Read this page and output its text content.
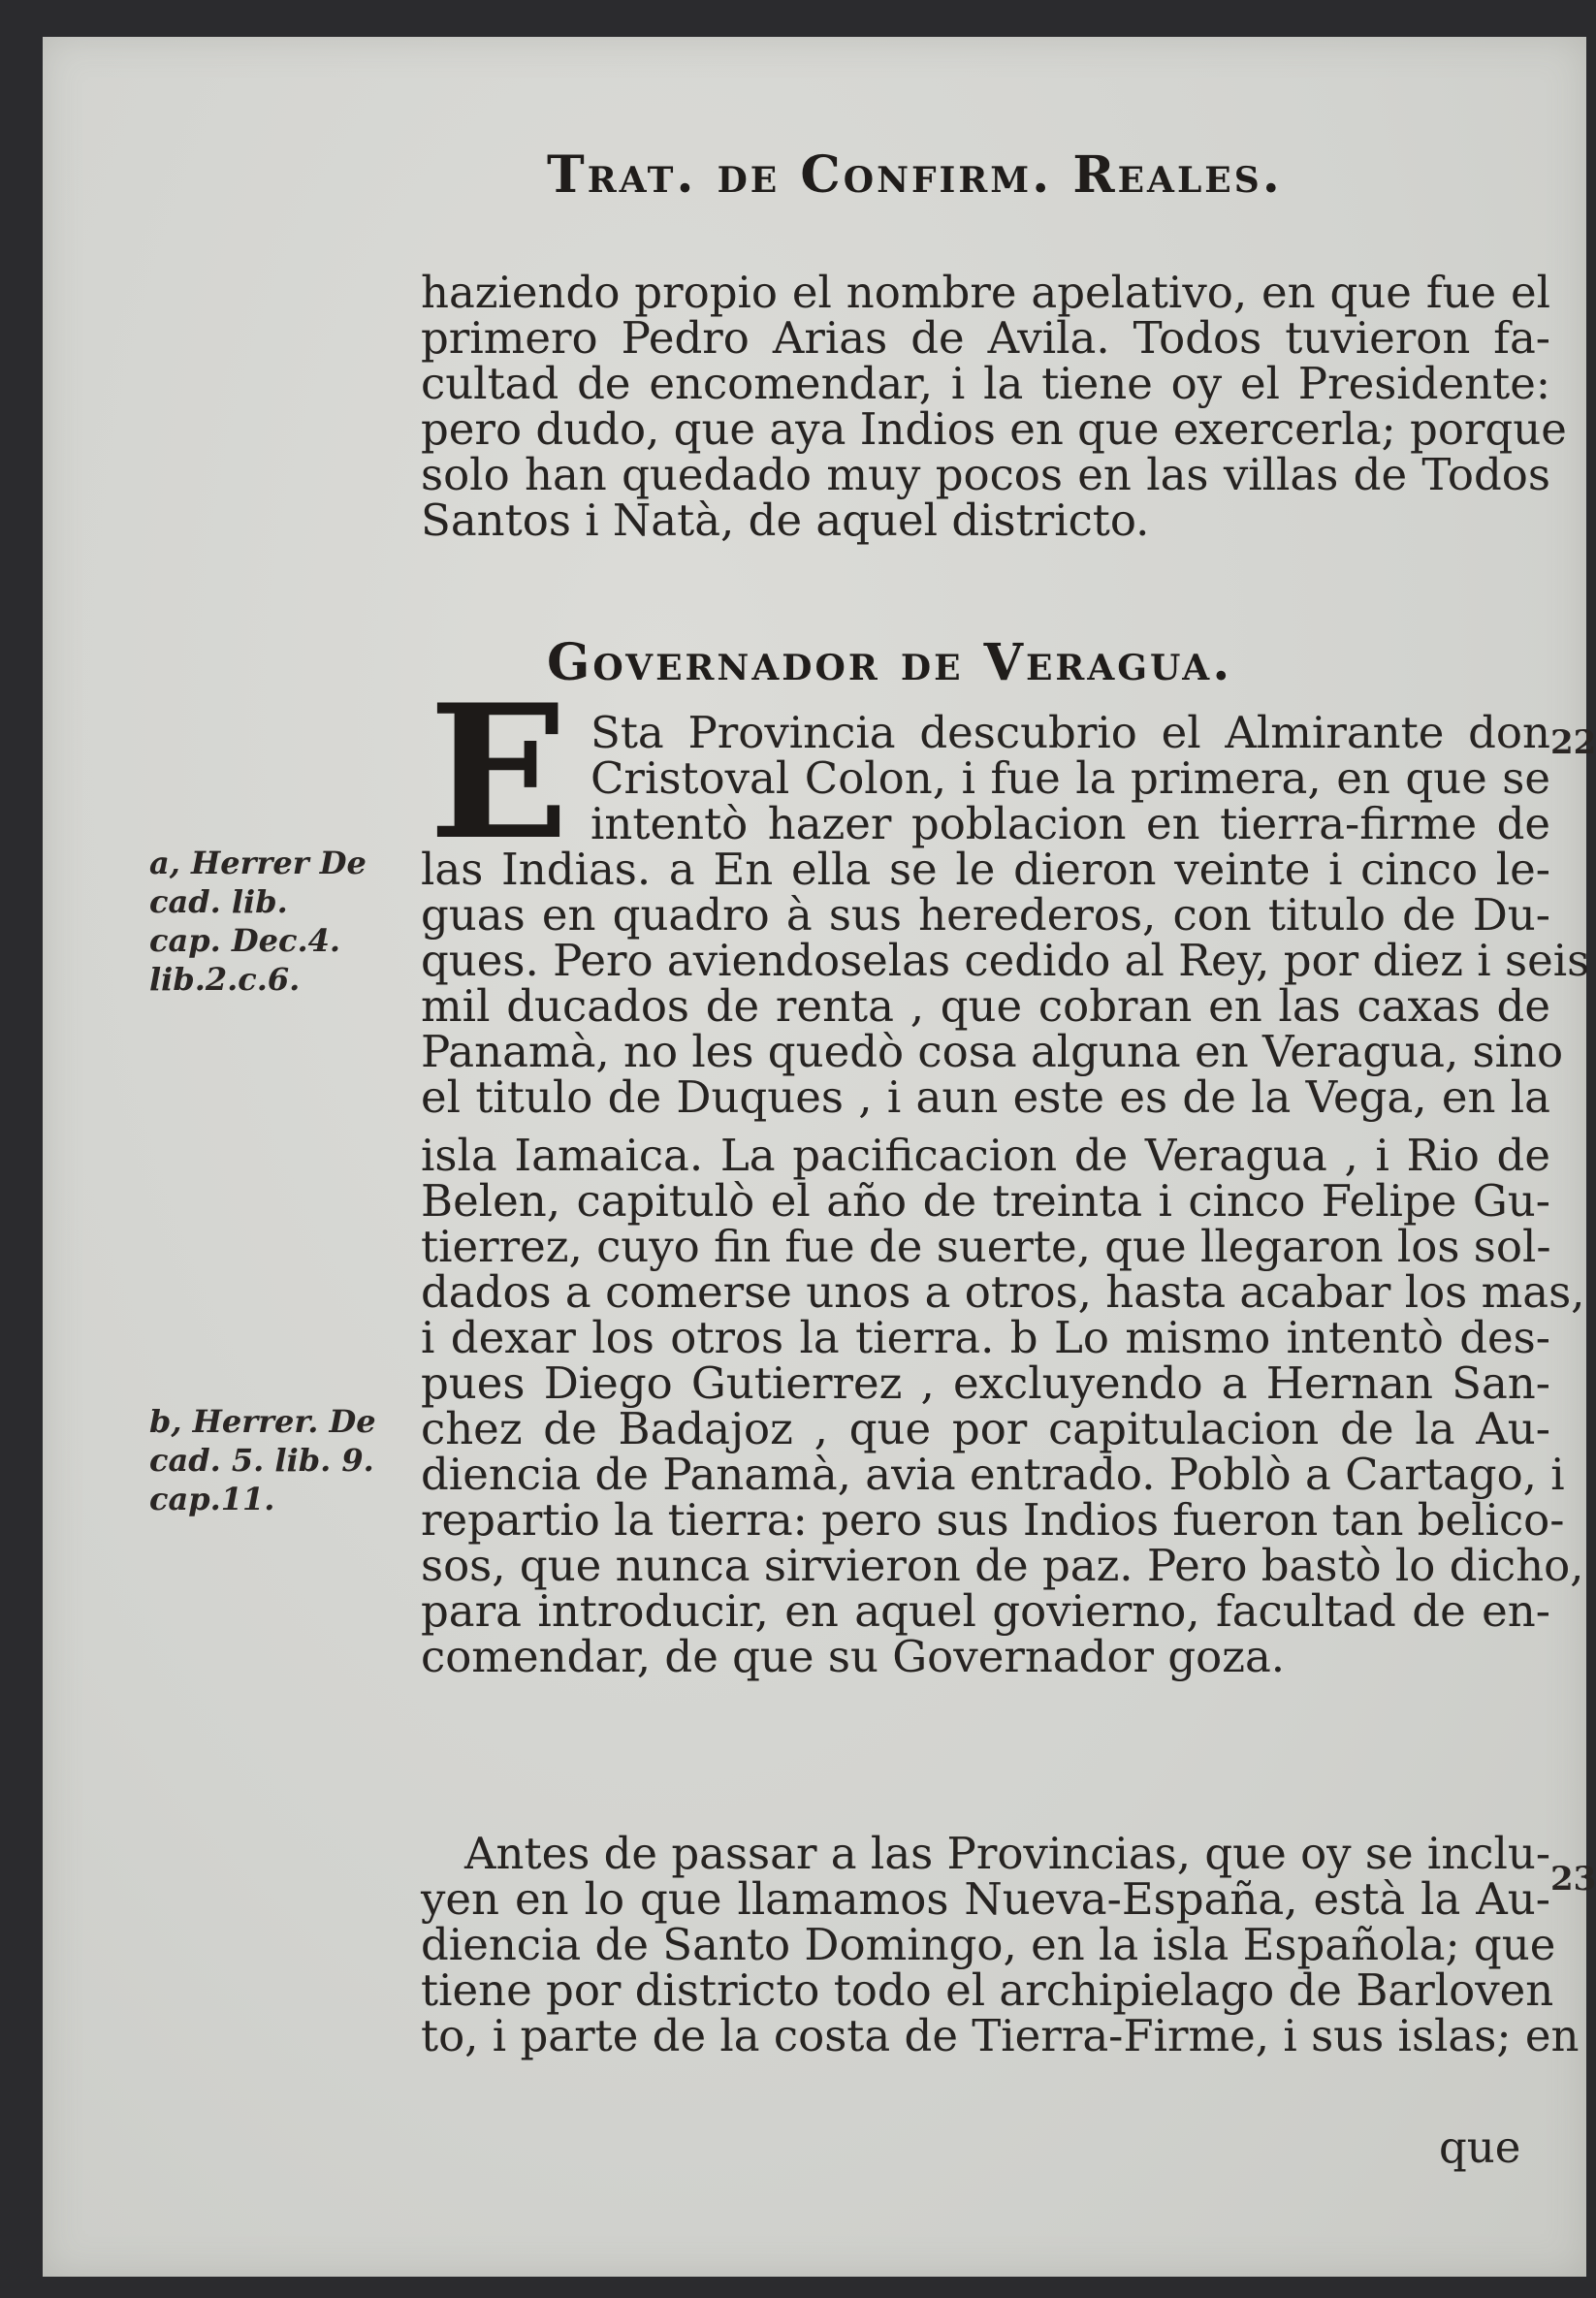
Trat. de Confirm. Reales.
haziendo propio el nombre apelativo, en que fue el
primero Pedro Arias de Avila. Todos tuvieron fa-
cultad de encomendar, i la tiene oy el Presidente:
pero dudo, que aya Indios en que exercerla; porque
solo han quedado muy pocos en las villas de Todos
Santos i Natà, de aquel districto.
Governador de Veragua.
E Sta Provincia descubrio el Almirante don
Cristoval Colon, i fue la primera, en que se
intentò hazer poblacion en tierra-firme de
las Indias. a En ella se le dieron veinte i cinco le-
guas en quadro à sus herederos, con titulo de Du-
ques. Pero aviendoselas cedido al Rey, por diez i seis
mil ducados de renta , que cobran en las caxas de
Panamà, no les quedò cosa alguna en Veragua, sino
el titulo de Duques , i aun este es de la Vega, en la
isla Iamaica. La pacificacion de Veragua , i Rio de
Belen, capitulò el año de treinta i cinco Felipe Gu-
tierrez, cuyo fin fue de suerte, que llegaron los sol-
dados a comerse unos a otros, hasta acabar los mas,
i dexar los otros la tierra. b Lo mismo intentò des-
pues Diego Gutierrez , excluyendo a Hernan San-
chez de Badajoz , que por capitulacion de la Au-
diencia de Panamà, avia entrado. Poblò a Cartago, i
repartio la tierra: pero sus Indios fueron tan belico-
sos, que nunca sirvieron de paz. Pero bastò lo dicho,
para introducir, en aquel govierno, facultad de en-
comendar, de que su Governador goza.
Antes de passar a las Provincias, que oy se inclu-
yen en lo que llamamos Nueva-España, està la Au-
diencia de Santo Domingo, en la isla Española; que
tiene por districto todo el archipielago de Barloven
to, i parte de la costa de Tierra-Firme, i sus islas; en
que
a, Herrer De
cad. lib.
cap. Dec.4.
lib.2.c.6.
b, Herrer. De
cad. 5. lib. 9.
cap.11.
22
23
